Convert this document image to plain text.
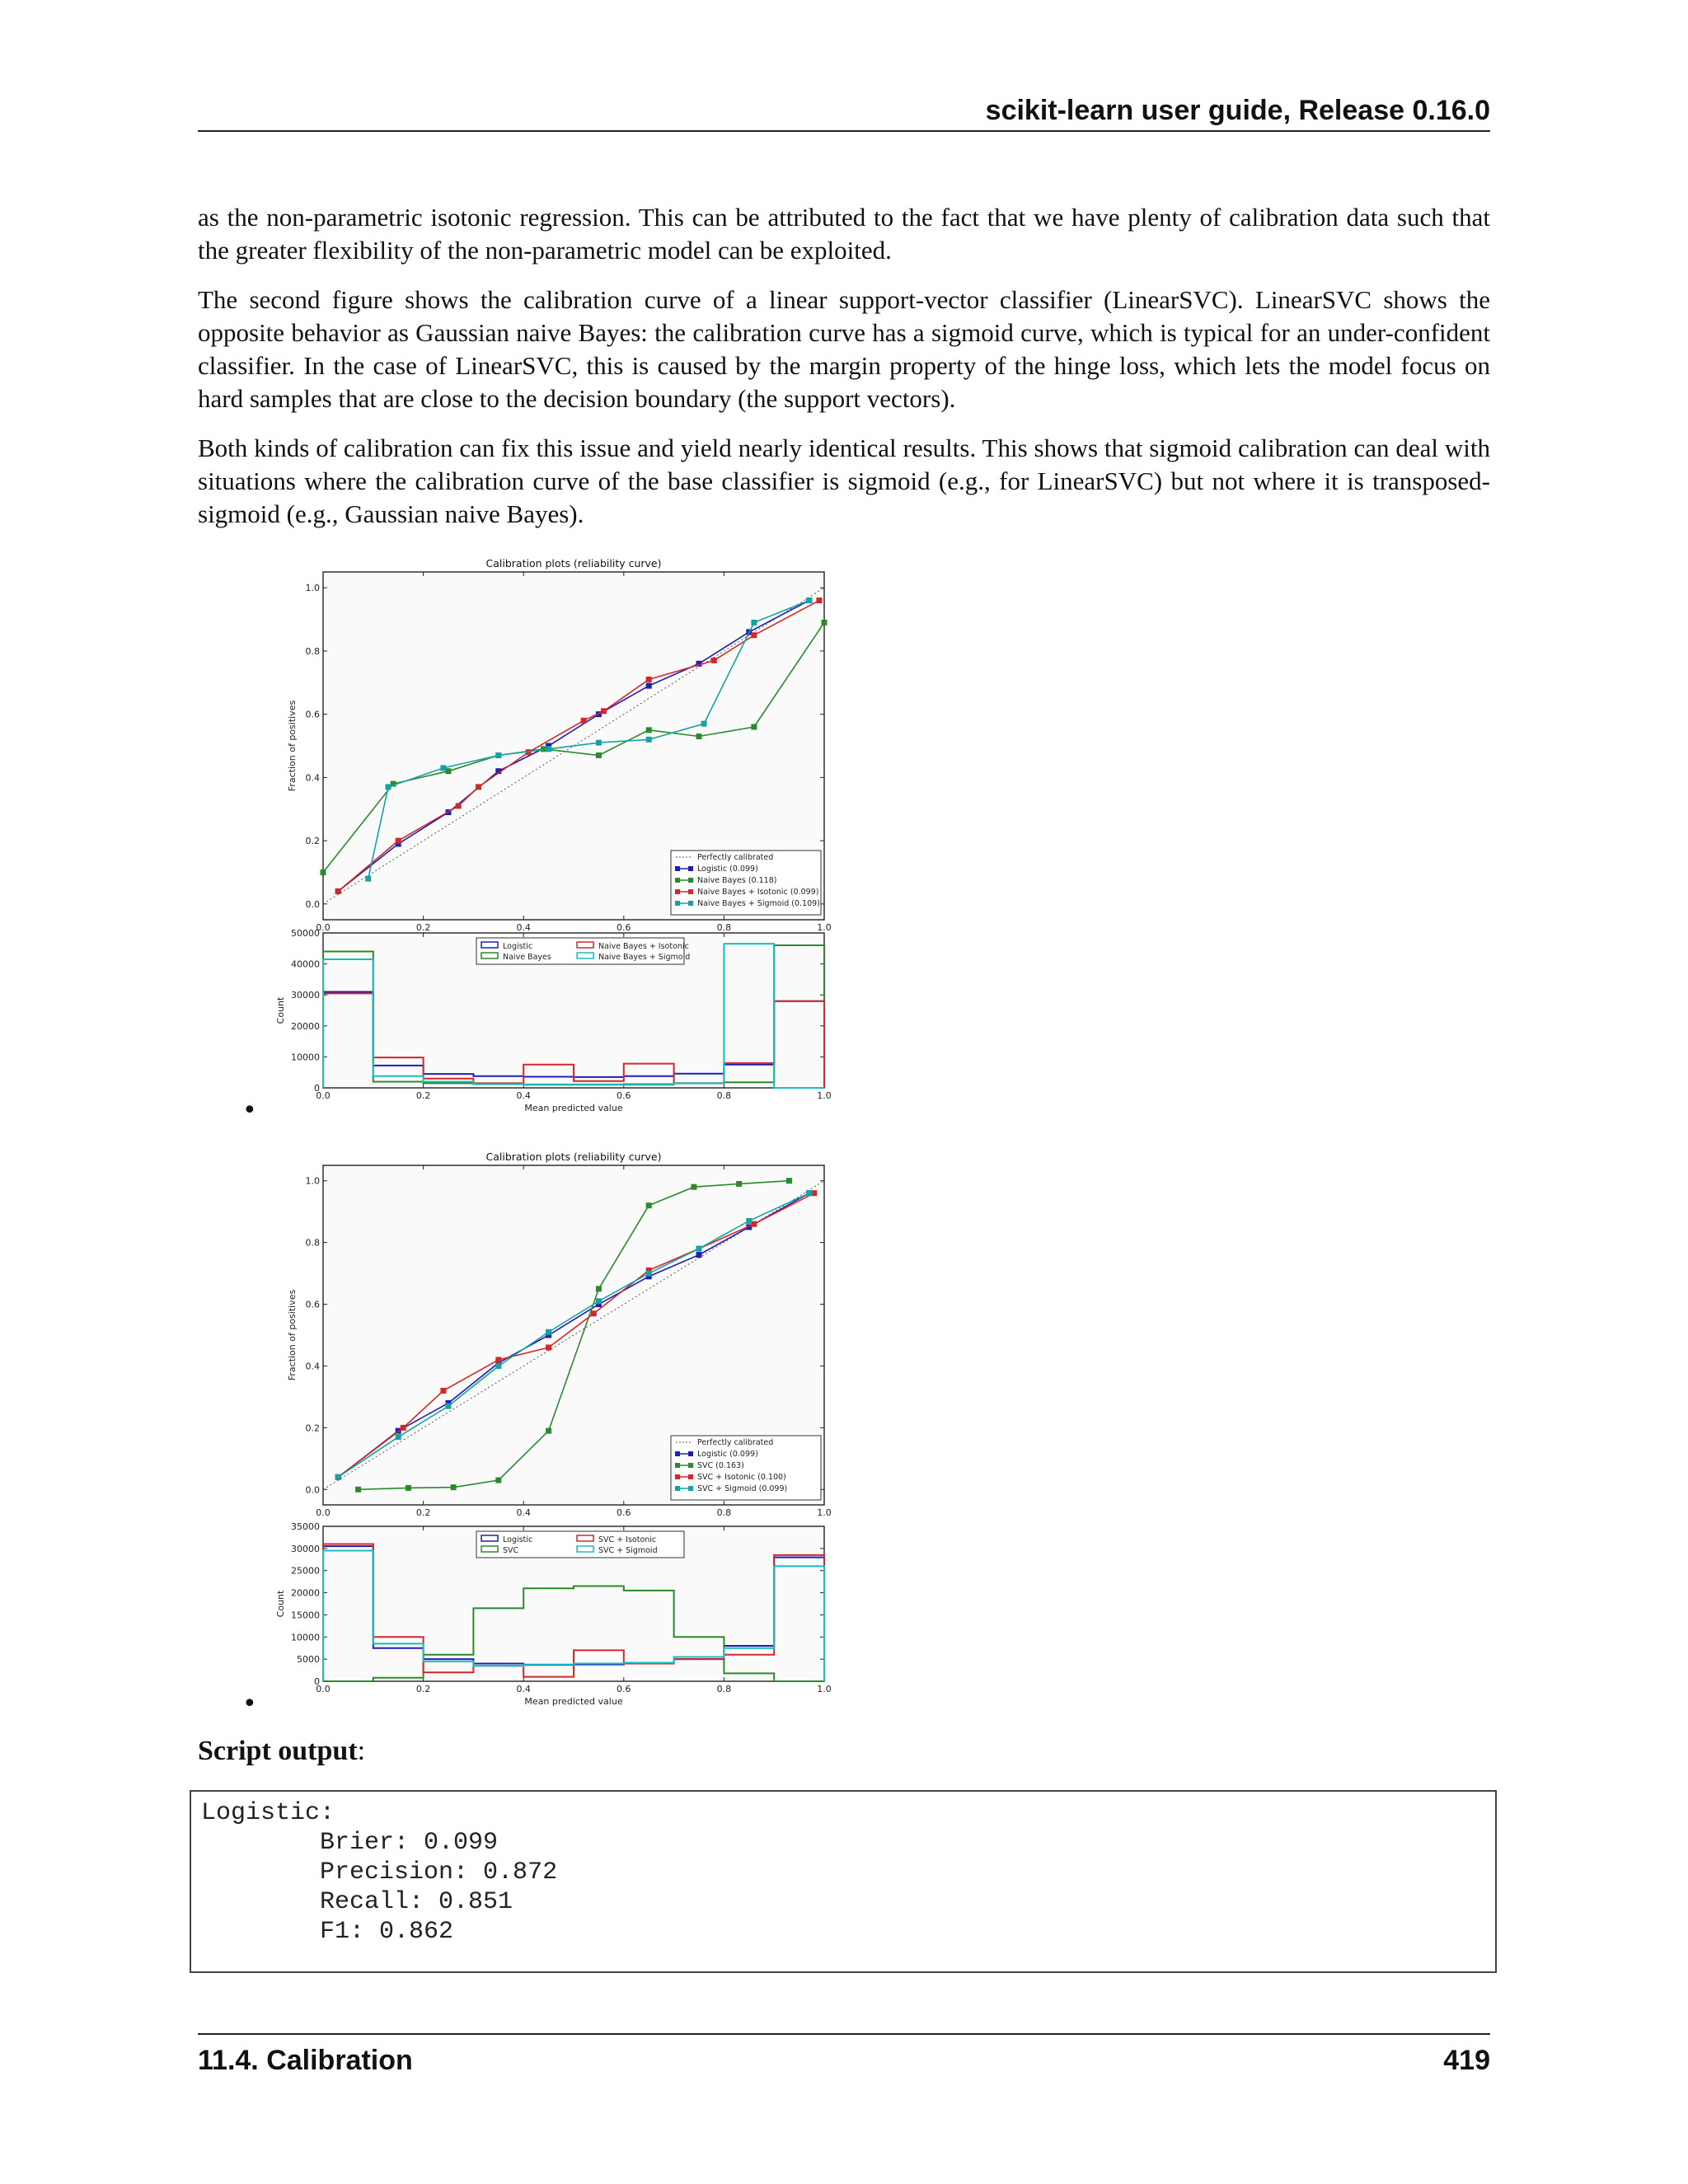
scikit-learn user guide, Release 0.16.0

as the non-parametric isotonic regression. This can be attributed to the fact that we have plenty of calibration data such that the greater flexibility of the non-parametric model can be exploited.

The second figure shows the calibration curve of a linear support-vector classifier (LinearSVC). LinearSVC shows the opposite behavior as Gaussian naive Bayes: the calibration curve has a sigmoid curve, which is typical for an under-confident classifier. In the case of LinearSVC, this is caused by the margin property of the hinge loss, which lets the model focus on hard samples that are close to the decision boundary (the support vectors).

Both kinds of calibration can fix this issue and yield nearly identical results. This shows that sigmoid calibration can deal with situations where the calibration curve of the base classifier is sigmoid (e.g., for LinearSVC) but not where it is transposed-sigmoid (e.g., Gaussian naive Bayes).

Calibration plots (reliability curve)
0.0	0.2	0.4	0.6	0.8	1.0
0.0
0.2
0.4
0.6
0.8
1.0
Fraction of positives
Perfectly calibrated
Logistic (0.099)
Naive Bayes (0.118)
Naive Bayes + Isotonic (0.099)
Naive Bayes + Sigmoid (0.109)
0.0	0.2	0.4	0.6	0.8	1.0
0
10000
20000
30000
40000
50000
Mean predicted value
Count
Logistic	Naive Bayes + Isotonic
Naive Bayes	Naive Bayes + Sigmoid
•
Calibration plots (reliability curve)
0.0	0.2	0.4	0.6	0.8	1.0
0.0
0.2
0.4
0.6
0.8
1.0
Fraction of positives
Perfectly calibrated
Logistic (0.099)
SVC (0.163)
SVC + Isotonic (0.100)
SVC + Sigmoid (0.099)
0.0	0.2	0.4	0.6	0.8	1.0
0
5000
10000
15000
20000
25000
30000
35000
Mean predicted value
Count
Logistic	SVC + Isotonic
SVC	SVC + Sigmoid
•
Script output:
Logistic:
Brier: 0.099
Precision: 0.872
Recall: 0.851
F1: 0.862
11.4. Calibration	419
